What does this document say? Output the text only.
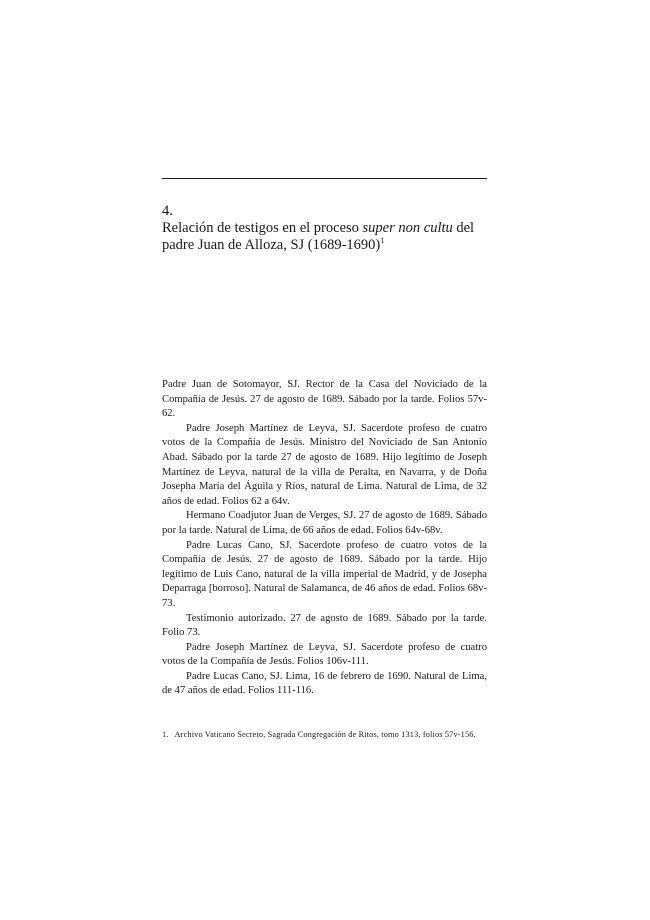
4.
Relación de testigos en el proceso super non cultu del padre Juan de Alloza, SJ (1689-1690)$^1$

Padre Juan de Sotomayor, SJ. Rector de la Casa del Noviciado de la Compañía de Jesús. 27 de agosto de 1689. Sábado por la tarde. Folios 57v-62.

Padre Joseph Martínez de Leyva, SJ. Sacerdote profeso de cuatro votos de la Compañía de Jesús. Ministro del Noviciado de San Antonio Abad. Sábado por la tarde 27 de agosto de 1689. Hijo legítimo de Joseph Martínez de Leyva, natural de la villa de Peralta, en Navarra, y de Doña Josepha María del Águila y Ríos, natural de Lima. Natural de Lima, de 32 años de edad. Folios 62 a 64v.

Hermano Coadjutor Juan de Verges, SJ. 27 de agosto de 1689. Sábado por la tarde. Natural de Lima, de 66 años de edad. Folios 64v-68v.

Padre Lucas Cano, SJ. Sacerdote profeso de cuatro votos de la Compañía de Jesús. 27 de agosto de 1689. Sábado por la tarde. Hijo legítimo de Luis Cano, natural de la villa imperial de Madrid, y de Josepha Deparraga [borroso]. Natural de Salamanca, de 46 años de edad. Folios 68v-73.

Testimonio autorizado. 27 de agosto de 1689. Sábado por la tarde. Folio 73.

Padre Joseph Martínez de Leyva, SJ. Sacerdote profeso de cuatro votos de la Compañía de Jesús. Folios 106v-111.

Padre Lucas Cano, SJ. Lima, 16 de febrero de 1690. Natural de Lima, de 47 años de edad. Folios 111-116.

1. Archivo Vaticano Secreto, Sagrada Congregación de Ritos, tomo 1313, folios 57v-156.
